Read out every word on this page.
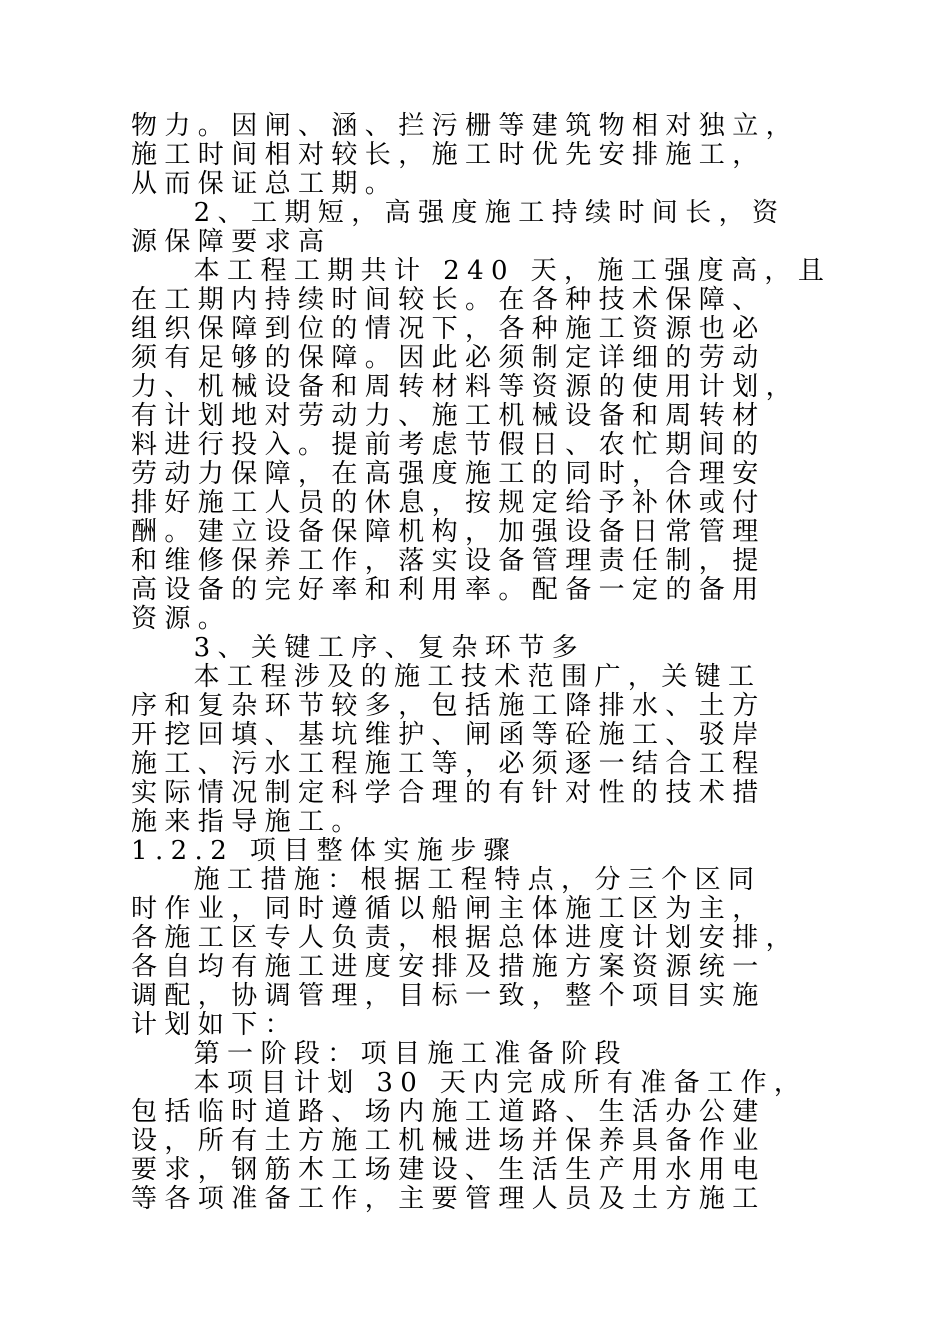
物力。因闸、涵、拦污栅等建筑物相对独立，
施工时间相对较长，施工时优先安排施工，
从而保证总工期。
2、工期短，高强度施工持续时间长，资
源保障要求高
本工程工期共计 240 天，施工强度高，且
在工期内持续时间较长。在各种技术保障、
组织保障到位的情况下，各种施工资源也必
须有足够的保障。因此必须制定详细的劳动
力、机械设备和周转材料等资源的使用计划，
有计划地对劳动力、施工机械设备和周转材
料进行投入。提前考虑节假日、农忙期间的
劳动力保障，在高强度施工的同时，合理安
排好施工人员的休息，按规定给予补休或付
酬。建立设备保障机构，加强设备日常管理
和维修保养工作，落实设备管理责任制，提
高设备的完好率和利用率。配备一定的备用
资源。
3、关键工序、复杂环节多
本工程涉及的施工技术范围广，关键工
序和复杂环节较多，包括施工降排水、土方
开挖回填、基坑维护、闸函等砼施工、驳岸
施工、污水工程施工等，必须逐一结合工程
实际情况制定科学合理的有针对性的技术措
施来指导施工。
1.2.2 项目整体实施步骤
施工措施：根据工程特点，分三个区同
时作业，同时遵循以船闸主体施工区为主，
各施工区专人负责，根据总体进度计划安排，
各自均有施工进度安排及措施方案资源统一
调配，协调管理，目标一致，整个项目实施
计划如下：
第一阶段：项目施工准备阶段
本项目计划 30 天内完成所有准备工作，
包括临时道路、场内施工道路、生活办公建
设，所有土方施工机械进场并保养具备作业
要求，钢筋木工场建设、生活生产用水用电
等各项准备工作，主要管理人员及土方施工
